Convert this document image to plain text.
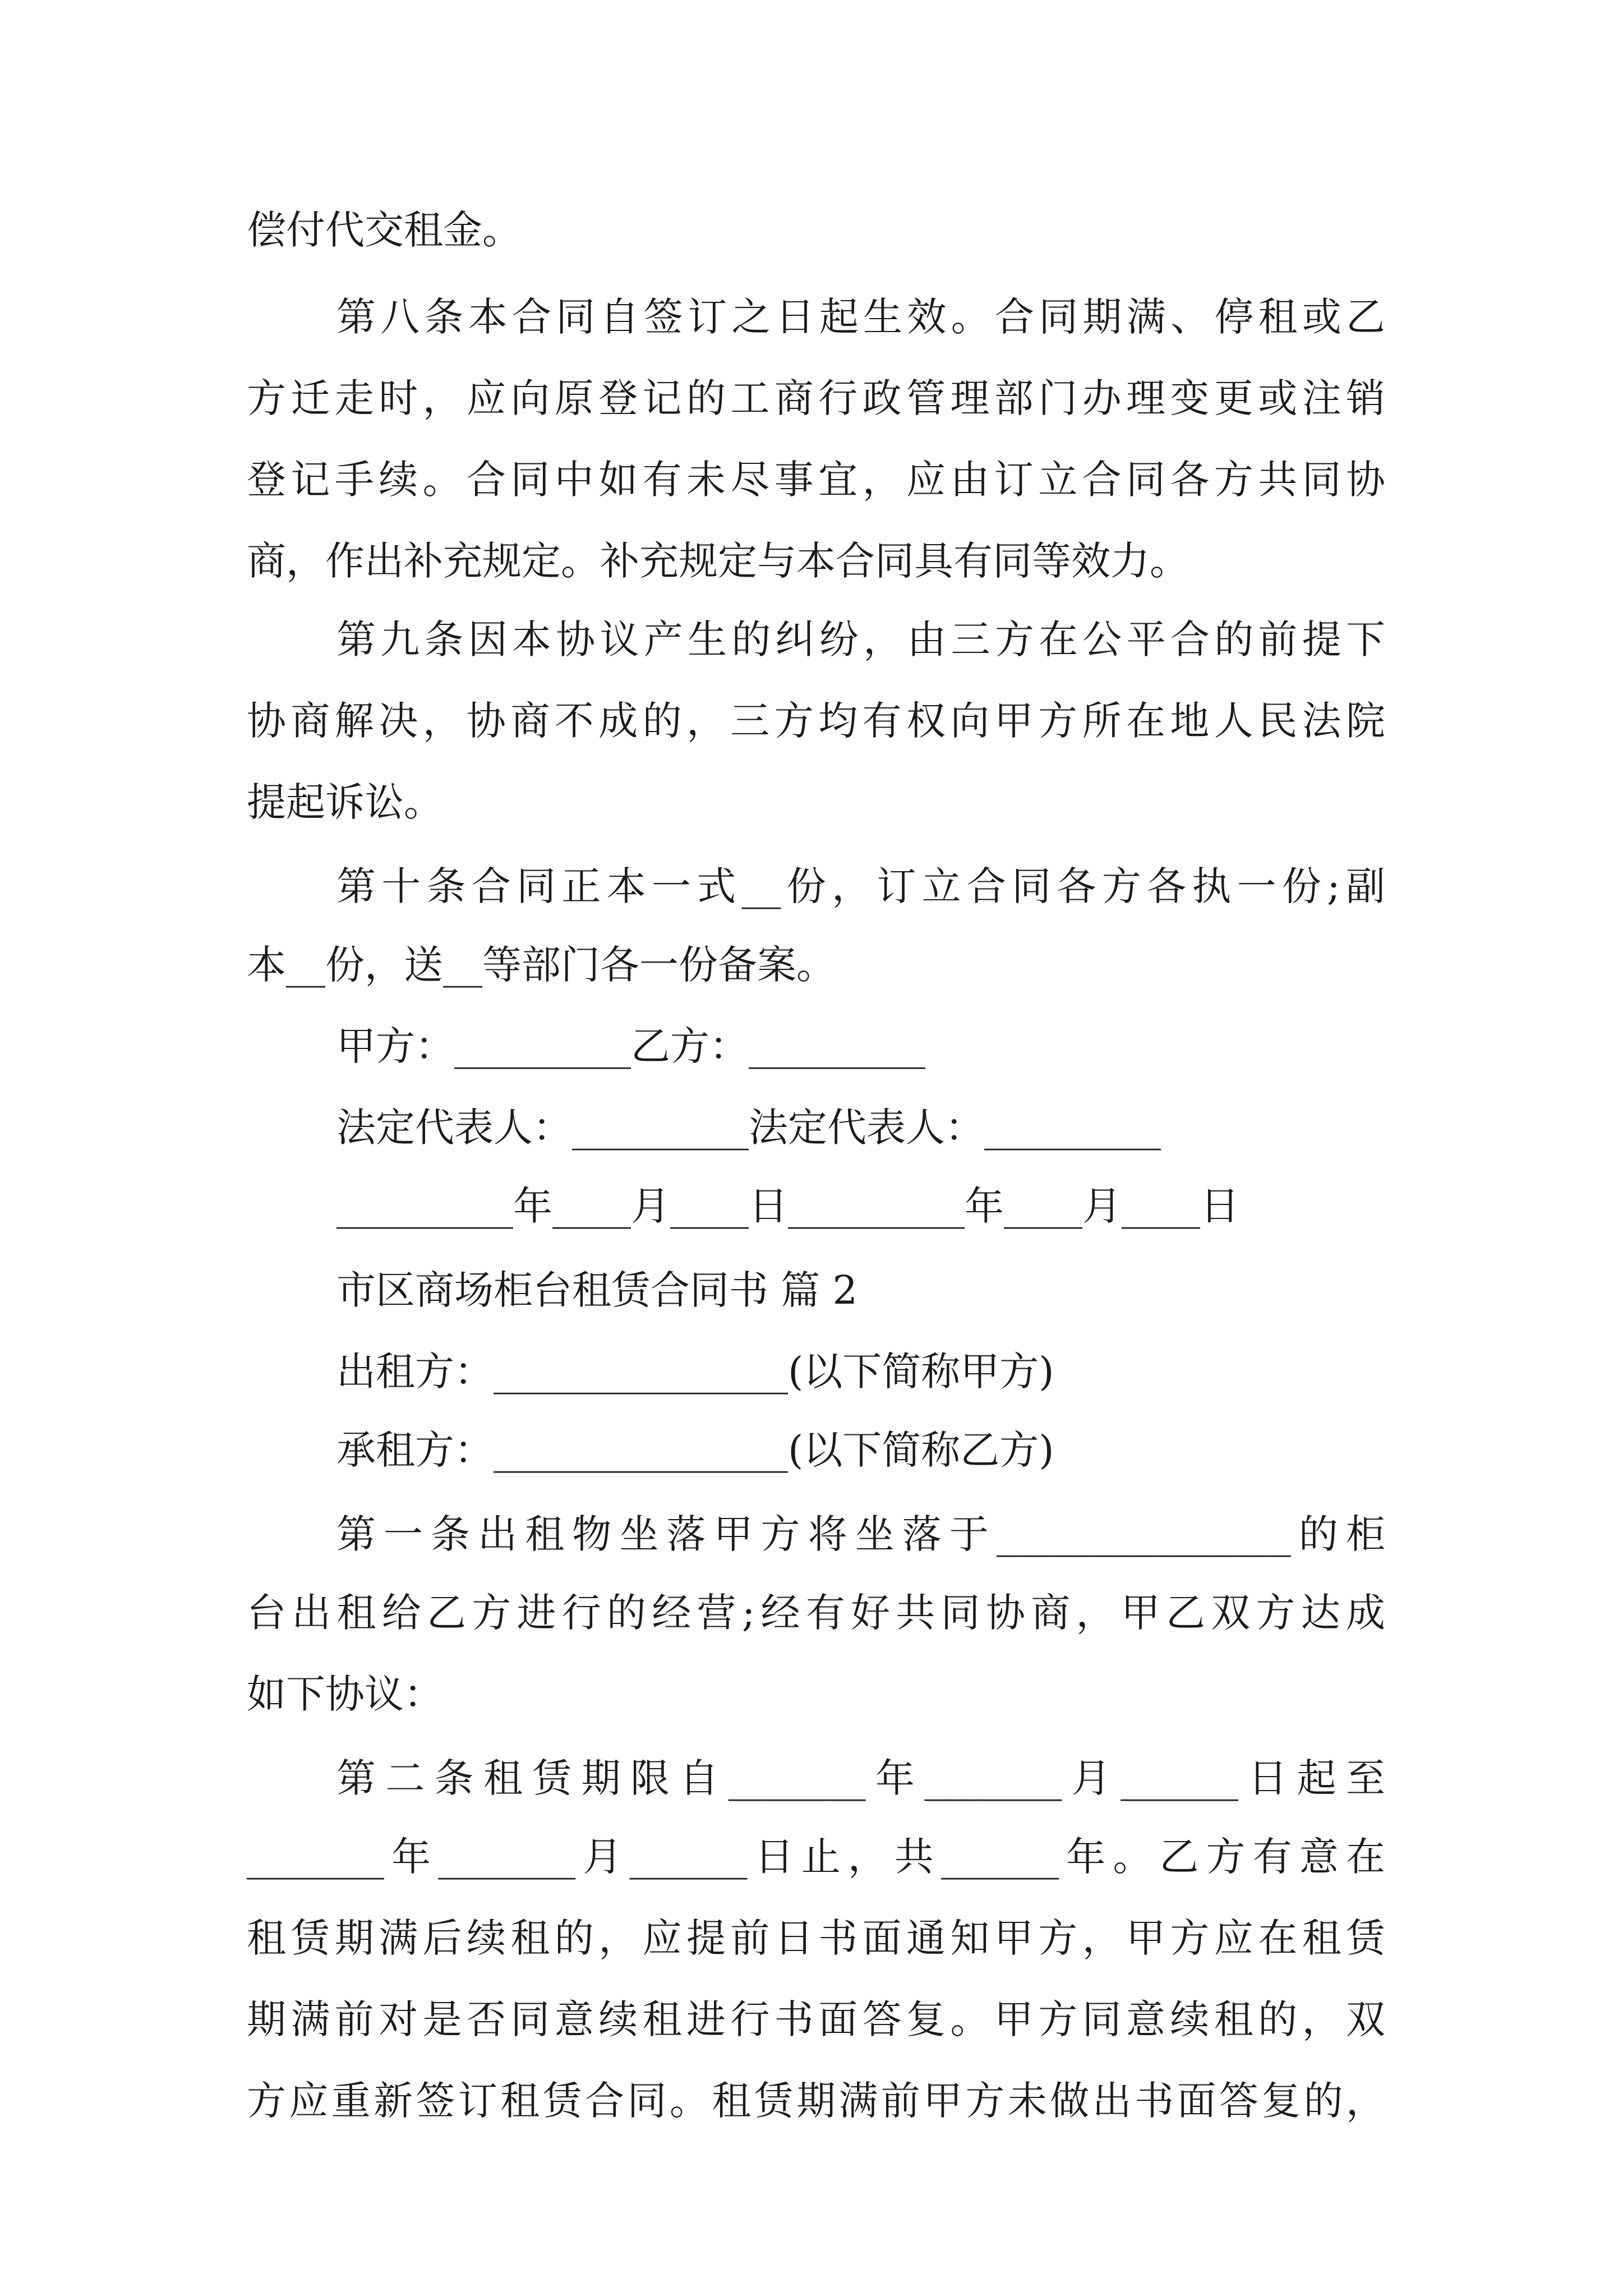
偿付代交租金。
第八条本合同自签订之日起生效。合同期满、停租或乙
方迁走时，应向原登记的工商行政管理部门办理变更或注销
登记手续。合同中如有未尽事宜，应由订立合同各方共同协
商，作出补充规定。补充规定与本合同具有同等效力。
第九条因本协议产生的纠纷，由三方在公平合的前提下
协商解决，协商不成的，三方均有权向甲方所在地人民法院
提起诉讼。
第十条合同正本一式__份，订立合同各方各执一份;副
本__份，送__等部门各一份备案。
甲方：_________乙方：_________
法定代表人：_________法定代表人：_________
_________年____月____日_________年____月____日
市区商场柜台租赁合同书 篇 2
出租方：_______________(以下简称甲方)
承租方：_______________(以下简称乙方)
第一条出租物坐落甲方将坐落于_______________的柜
台出租给乙方进行的经营;经有好共同协商，甲乙双方达成
如下协议：
第二条租赁期限自_______年_______月______日起至
_______年_______月______日止，共______年。乙方有意在
租赁期满后续租的，应提前日书面通知甲方，甲方应在租赁
期满前对是否同意续租进行书面答复。甲方同意续租的，双
方应重新签订租赁合同。租赁期满前甲方未做出书面答复的，
